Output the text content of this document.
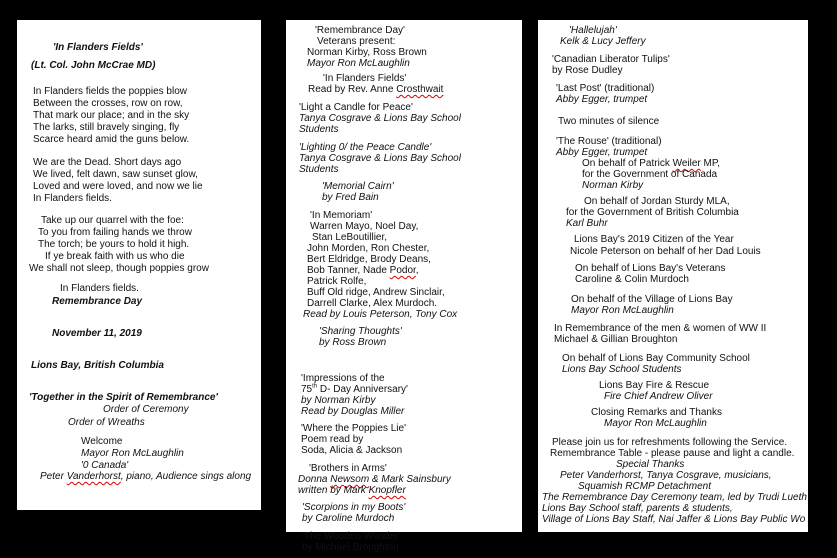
'In Flanders Fields'
(Lt. Col. John McCrae MD)
In Flanders fields the poppies blow
Between the crosses, row on row,
That mark our place; and in the sky
The larks, still bravely singing, fly
Scarce heard amid the guns below.
We are the Dead. Short days ago
We lived, felt dawn, saw sunset glow,
Loved and were loved, and now we lie
In Flanders fields.
Take up our quarrel with the foe:
To you from failing hands we throw
The torch; be yours to hold it high.
If ye break faith with us who die
We shall not sleep, though poppies grow
In Flanders fields.
Remembrance Day
November 11, 2019
Lions Bay, British Columbia
'Together in the Spirit of Remembrance'
Order of Ceremony
Order of Wreaths
Welcome
Mayor Ron McLaughlin
'0 Canada'
Peter Vanderhorst, piano, Audience sings along
'Remembrance Day'
Veterans present:
Norman Kirby, Ross Brown
Mayor Ron McLaughlin
'In Flanders Fields'
Read by Rev. Anne Crosthwait
'Light a Candle for Peace'
Tanya Cosgrave & Lions Bay School
Students
'Lighting 0/ the Peace Candle'
Tanya Cosgrave & Lions Bay School
Students
'Memorial Cairn'
by Fred Bain
'In Memoriam'
Warren Mayo, Noel Day,
Stan LeBoutillier,
John Morden, Ron Chester,
Bert Eldridge, Brody Deans,
Bob Tanner, Nade Podor,
Patrick Rolfe,
Buff Old ridge, Andrew Sinclair,
Darrell Clarke, Alex Murdoch.
Read by Louis Peterson, Tony Cox
'Sharing Thoughts'
by Ross Brown
'Impressions of the
75th D- Day Anniversary'
by Norman Kirby
Read by Douglas Miller
'Where the Poppies Lie'
Poem read by
Soda, Alicia & Jackson
'Brothers in Arms'
Donna Newsom & Mark Sainsbury
written by Mark Knopfler
'Scorpions in my Boots'
by Caroline Murdoch
'The Wooden Wonder'
by Michael Broughton
'Hallelujah'
Kelk & Lucy Jeffery
'Canadian Liberator Tulips'
by Rose Dudley
'Last Post' (traditional)
Abby Egger, trumpet
Two minutes of silence
'The Rouse' (traditional)
Abby Egger, trumpet
On behalf of Patrick Weiler MP,
for the Government of Canada
Norman Kirby
On behalf of Jordan Sturdy MLA,
for the Government of British Columbia
Karl Buhr
Lions Bay's 2019 Citizen of the Year
Nicole Peterson on behalf of her Dad Louis
On behalf of Lions Bay's Veterans
Caroline & Colin Murdoch
On behalf of the Village of Lions Bay
Mayor Ron McLaughlin
In Remembrance of the men & women of WW II
Michael & Gillian Broughton
On behalf of Lions Bay Community School
Lions Bay School Students
Lions Bay Fire & Rescue
Fire Chief Andrew Oliver
Closing Remarks and Thanks
Mayor Ron McLaughlin
Please join us for refreshments following the Service.
Remembrance Table - please pause and light a candle.
Special Thanks
Peter Vanderhorst, Tanya Cosgrave, musicians,
Squamish RCMP Detachment
The Remembrance Day Ceremony team, led by Trudi Lueth
Lions Bay School staff, parents & students,
Village of Lions Bay Staff, Nai Jaffer & Lions Bay Public Wo
